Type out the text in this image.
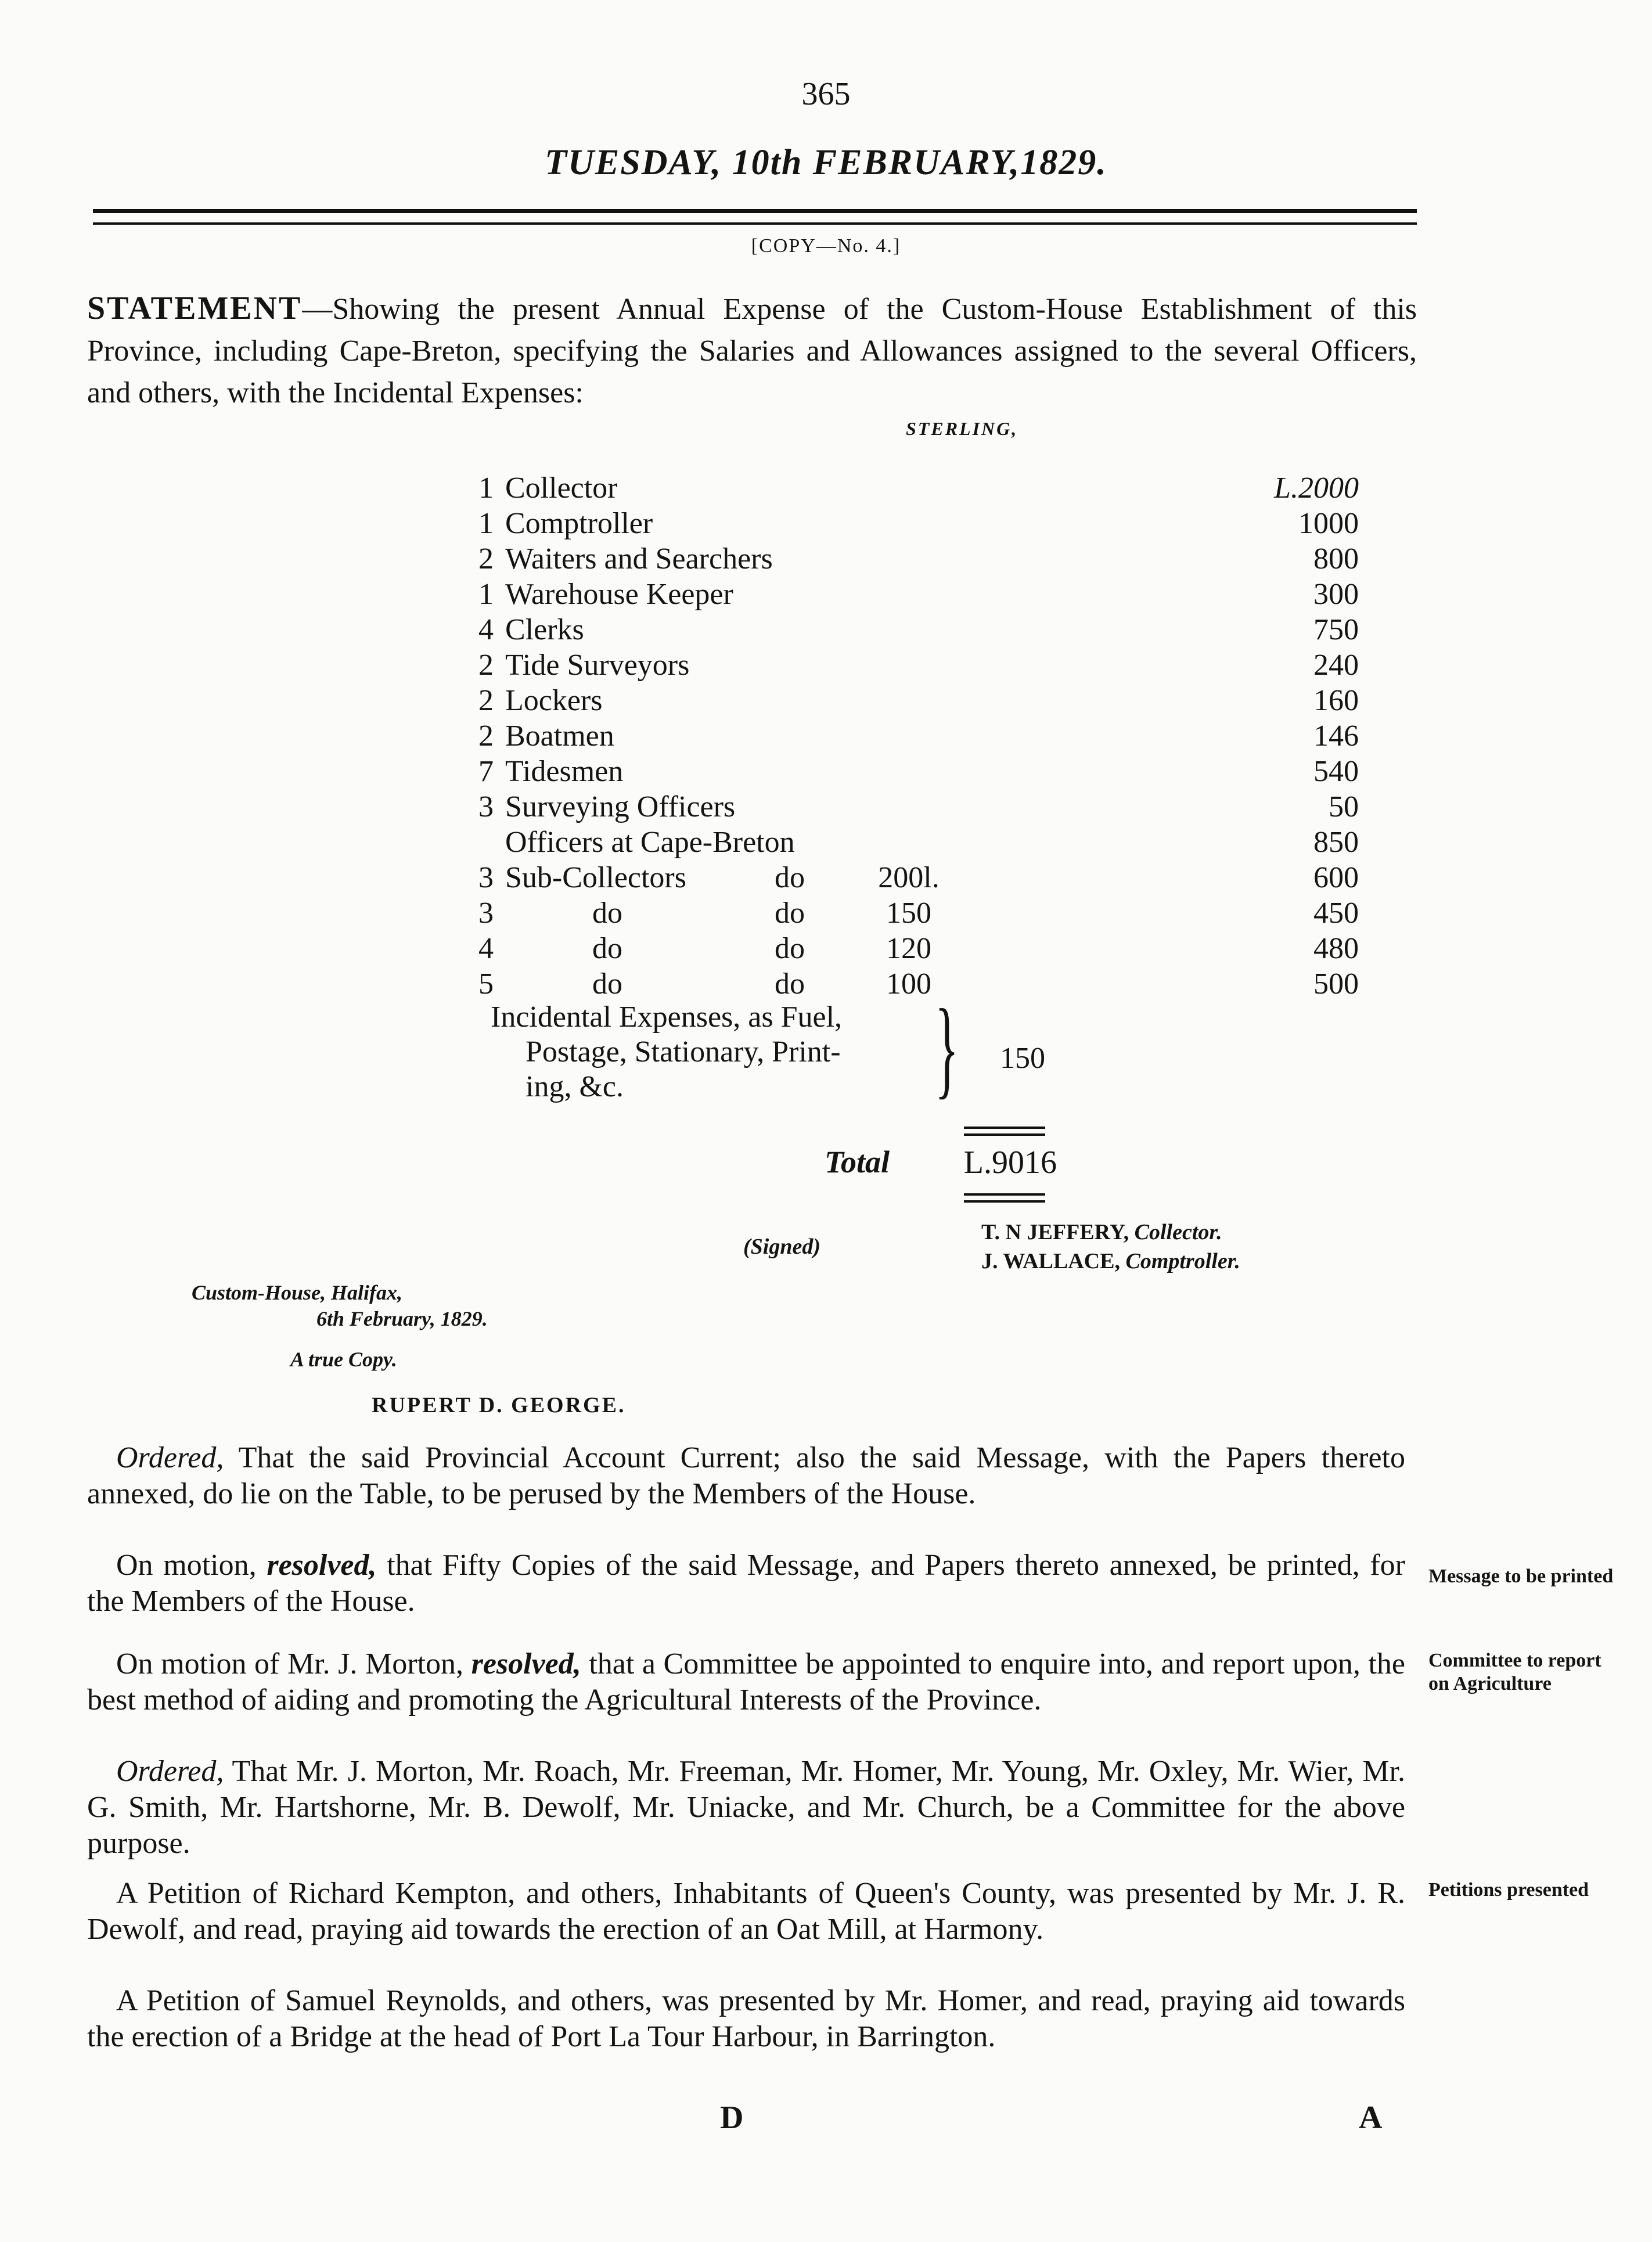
365
TUESDAY, 10th FEBRUARY,1829.
[COPY—No. 4.]
STATEMENT—Showing the present Annual Expense of the Custom-House Establishment of this Province, including Cape-Breton, specifying the Salaries and Allowances assigned to the several Officers, and others, with the Incidental Expenses:
STERLING,
1 Collector	L.2000
1 Comptroller	1000
2 Waiters and Searchers	800
1 Warehouse Keeper	300
4 Clerks	750
2 Tide Surveyors	240
2 Lockers	160
2 Boatmen	146
7 Tidesmen	540
3 Surveying Officers	50
Officers at Cape-Breton	850
3 Sub-Collectors	do	200l.	600
3	do	do	150	450
4	do	do	120	480
5	do	do	100	500
Incidental Expenses, as Fuel,
Postage, Stationary, Print-
ing, &c.	}	150
Total	L.9016
(Signed)
T. N JEFFERY, Collector.
J. WALLACE, Comptroller.
Custom-House, Halifax,
6th February, 1829.
A true Copy.
RUPERT D. GEORGE.
Ordered, That the said Provincial Account Current; also the said Message, with the Papers thereto annexed, do lie on the Table, to be perused by the Members of the House.
On motion, resolved, that Fifty Copies of the said Message, and Papers thereto annexed, be printed, for the Members of the House.
On motion of Mr. J. Morton, resolved, that a Committee be appointed to enquire into, and report upon, the best method of aiding and promoting the Agricultural Interests of the Province.
Ordered, That Mr. J. Morton, Mr. Roach, Mr. Freeman, Mr. Homer, Mr. Young, Mr. Oxley, Mr. Wier, Mr. G. Smith, Mr. Hartshorne, Mr. B. Dewolf, Mr. Uniacke, and Mr. Church, be a Committee for the above purpose.
A Petition of Richard Kempton, and others, Inhabitants of Queen's County, was presented by Mr. J. R. Dewolf, and read, praying aid towards the erection of an Oat Mill, at Harmony.
A Petition of Samuel Reynolds, and others, was presented by Mr. Homer, and read, praying aid towards the erection of a Bridge at the head of Port La Tour Harbour, in Barrington.
Message to be printed
Committee to report on Agriculture
Petitions presented
D	A
